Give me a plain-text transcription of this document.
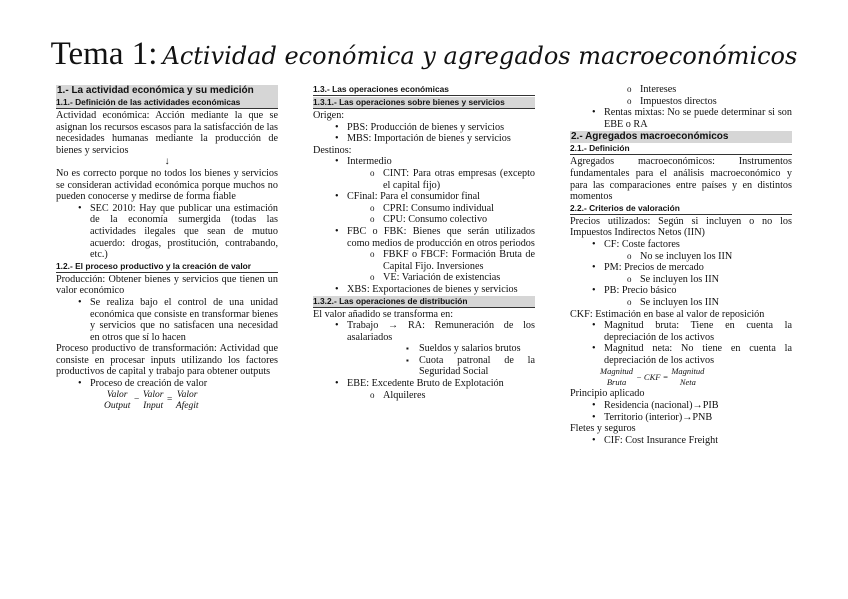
Tema 1: Actividad económica y agregados macroeconómicos
1.- La actividad económica y su medición
1.1.- Definición de las actividades económicas
Actividad económica: Acción mediante la que se asignan los recursos escasos para la satisfacción de las necesidades humanas mediante la producción de bienes y servicios
↓
No es correcto porque no todos los bienes y servicios se consideran actividad económica porque muchos no pueden conocerse y medirse de forma fiable
• SEC 2010: Hay que publicar una estimación de la economía sumergida (todas las actividades ilegales que sean de mutuo acuerdo: drogas, prostitución, contrabando, etc.)
1.2.- El proceso productivo y la creación de valor
Producción: Obtener bienes y servicios que tienen un valor económico
• Se realiza bajo el control de una unidad económica que consiste en transformar bienes y servicios que no satisfacen una necesidad en otros que sí lo hacen
Proceso productivo de transformación: Actividad que consiste en procesar inputs utilizando los factores productivos de capital y trabajo para obtener outputs
• Proceso de creación de valor
Valor
Output
−
Valor
Input
=
Valor
Afegit
1.3.- Las operaciones económicas
1.3.1.- Las operaciones sobre bienes y servicios
Origen:
• PBS: Producción de bienes y servicios
• MBS: Importación de bienes y servicios
Destinos:
• Intermedio
o CINT: Para otras empresas (excepto el capital fijo)
• CFinal: Para el consumidor final
o CPRI: Consumo individual
o CPU: Consumo colectivo
• FBC o FBK: Bienes que serán utilizados como medios de producción en otros periodos
o FBKF o FBCF: Formación Bruta de Capital Fijo. Inversiones
o VE: Variación de existencias
• XBS: Exportaciones de bienes y servicios
1.3.2.- Las operaciones de distribución
El valor añadido se transforma en:
• Trabajo → RA: Remuneración de los asalariados
▪ Sueldos y salarios brutos
▪ Cuota patronal de la Seguridad Social
• EBE: Excedente Bruto de Explotación
o Alquileres
o Intereses
o Impuestos directos
• Rentas mixtas: No se puede determinar si son EBE o RA
2.- Agregados macroeconómicos
2.1.- Definición
Agregados macroeconómicos: Instrumentos fundamentales para el análisis macroeconómico y para las comparaciones entre países y en distintos momentos
2.2.- Criterios de valoración
Precios utilizados: Según si incluyen o no los Impuestos Indirectos Netos (IIN)
• CF: Coste factores
o No se incluyen los IIN
• PM: Precios de mercado
o Se incluyen los IIN
• PB: Precio básico
o Se incluyen los IIN
CKF: Estimación en base al valor de reposición
• Magnitud bruta: Tiene en cuenta la depreciación de los activos
• Magnitud neta: No tiene en cuenta la depreciación de los activos
Magnitud
Bruta
− CKF =
Magnitud
Neta
Principio aplicado
• Residencia (nacional)→PIB
• Territorio (interior)→PNB
Fletes y seguros
• CIF: Cost Insurance Freight
